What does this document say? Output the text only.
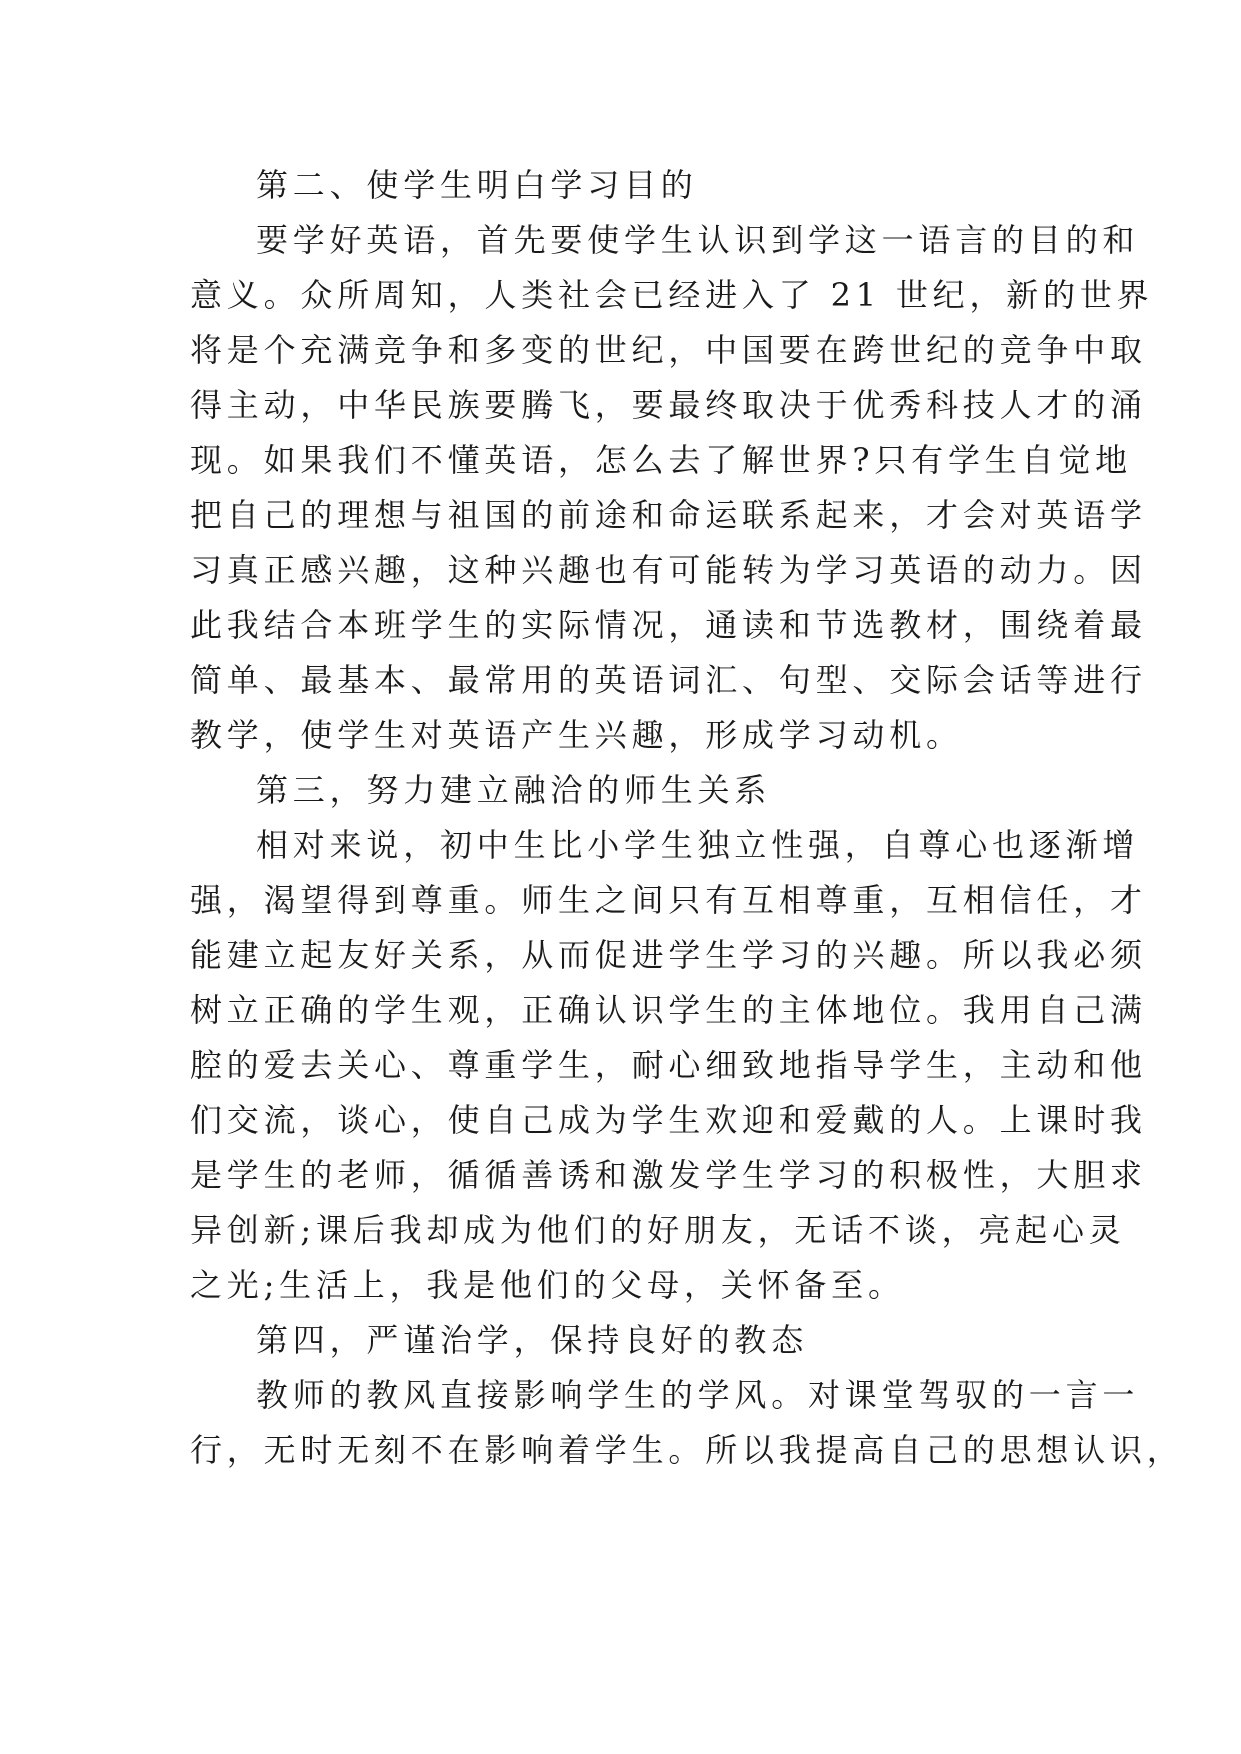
第二、使学生明白学习目的
要学好英语，首先要使学生认识到学这一语言的目的和
意义。众所周知，人类社会已经进入了 21 世纪，新的世界
将是个充满竞争和多变的世纪，中国要在跨世纪的竞争中取
得主动，中华民族要腾飞，要最终取决于优秀科技人才的涌
现。如果我们不懂英语，怎么去了解世界?只有学生自觉地
把自己的理想与祖国的前途和命运联系起来，才会对英语学
习真正感兴趣，这种兴趣也有可能转为学习英语的动力。因
此我结合本班学生的实际情况，通读和节选教材，围绕着最
简单、最基本、最常用的英语词汇、句型、交际会话等进行
教学，使学生对英语产生兴趣，形成学习动机。
第三，努力建立融洽的师生关系
相对来说，初中生比小学生独立性强，自尊心也逐渐增
强，渴望得到尊重。师生之间只有互相尊重，互相信任，才
能建立起友好关系，从而促进学生学习的兴趣。所以我必须
树立正确的学生观，正确认识学生的主体地位。我用自己满
腔的爱去关心、尊重学生，耐心细致地指导学生，主动和他
们交流，谈心，使自己成为学生欢迎和爱戴的人。上课时我
是学生的老师，循循善诱和激发学生学习的积极性，大胆求
异创新;课后我却成为他们的好朋友，无话不谈，亮起心灵
之光;生活上，我是他们的父母，关怀备至。
第四，严谨治学，保持良好的教态
教师的教风直接影响学生的学风。对课堂驾驭的一言一
行，无时无刻不在影响着学生。所以我提高自己的思想认识，
